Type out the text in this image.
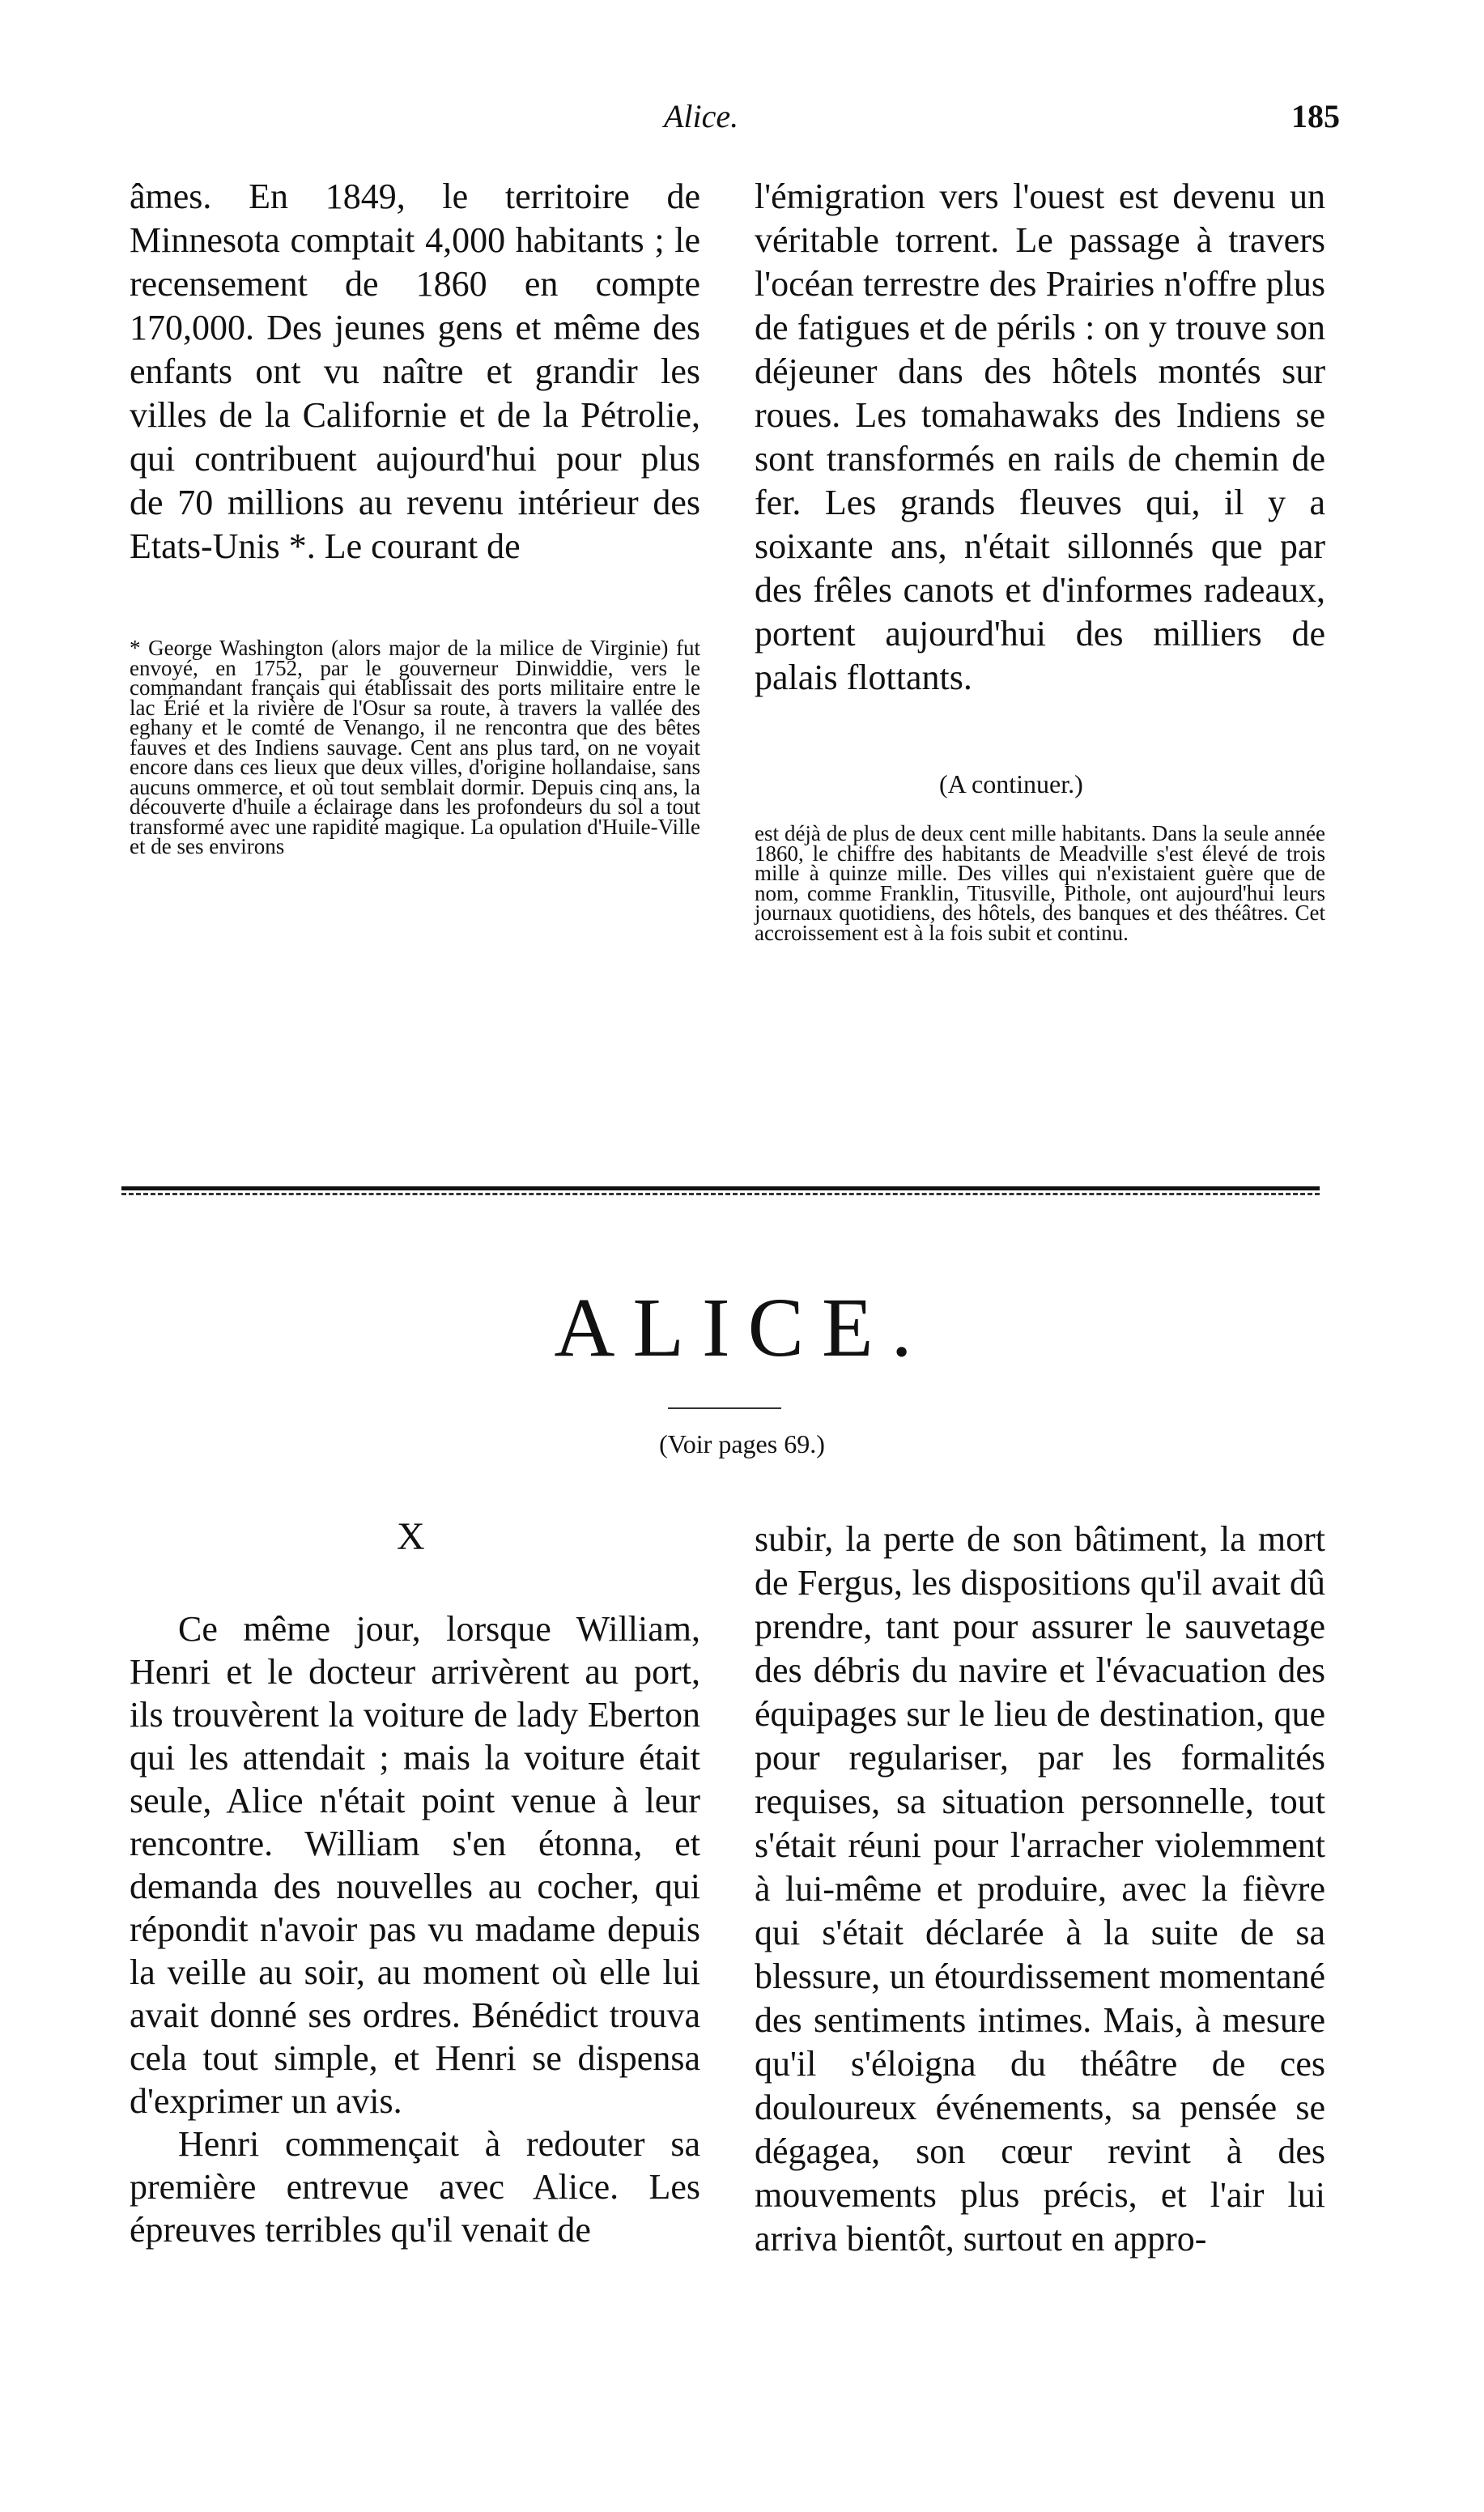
Alice.	185

âmes. En 1849, le territoire de Minnesota comptait 4,000 habitants ; le recensement de 1860 en compte 170,000. Des jeunes gens et même des enfants ont vu naître et grandir les villes de la Californie et de la Pétrolie, qui contribuent aujourd'hui pour plus de 70 millions au revenu intérieur des Etats-Unis *. Le courant de

l'émigration vers l'ouest est devenu un véritable torrent. Le passage à travers l'océan terrestre des Prairies n'offre plus de fatigues et de périls : on y trouve son déjeuner dans des hôtels montés sur roues. Les tomahawaks des Indiens se sont transformés en rails de chemin de fer. Les grands fleuves qui, il y a soixante ans, n'était sillonnés que par des frêles canots et d'informes radeaux, portent aujourd'hui des milliers de palais flottants.

(A continuer.)

* George Washington (alors major de la milice de Virginie) fut envoyé, en 1752, par le gouverneur Dinwiddie, vers le commandant français qui établissait des ports militaire entre le lac Érié et la rivière de l'Osur sa route, à travers la vallée des eghany et le comté de Venango, il ne rencontra que des bêtes fauves et des Indiens sauvage. Cent ans plus tard, on ne voyait encore dans ces lieux que deux villes, d'origine hollandaise, sans aucuns ommerce, et où tout semblait dormir. Depuis cinq ans, la découverte d'huile a éclairage dans les profondeurs du sol a tout transformé avec une rapidité magique. La opulation d'Huile-Ville et de ses environs

est déjà de plus de deux cent mille habitants. Dans la seule année 1860, le chiffre des habitants de Meadville s'est élevé de trois mille à quinze mille. Des villes qui n'existaient guère que de nom, comme Franklin, Titusville, Pithole, ont aujourd'hui leurs journaux quotidiens, des hôtels, des banques et des théâtres. Cet accroissement est à la fois subit et continu.

ALICE.
(Voir pages 69.)
X

Ce même jour, lorsque William, Henri et le docteur arrivèrent au port, ils trouvèrent la voiture de lady Eberton qui les attendait ; mais la voiture était seule, Alice n'était point venue à leur rencontre. William s'en étonna, et demanda des nouvelles au cocher, qui répondit n'avoir pas vu madame depuis la veille au soir, au moment où elle lui avait donné ses ordres. Bénédict trouva cela tout simple, et Henri se dispensa d'exprimer un avis.

Henri commençait à redouter sa première entrevue avec Alice. Les épreuves terribles qu'il venait de

subir, la perte de son bâtiment, la mort de Fergus, les dispositions qu'il avait dû prendre, tant pour assurer le sauvetage des débris du navire et l'évacuation des équipages sur le lieu de destination, que pour regulariser, par les formalités requises, sa situation personnelle, tout s'était réuni pour l'arracher violemment à lui-même et produire, avec la fièvre qui s'était déclarée à la suite de sa blessure, un étourdissement momentané des sentiments intimes. Mais, à mesure qu'il s'éloigna du théâtre de ces douloureux événements, sa pensée se dégagea, son cœur revint à des mouvements plus précis, et l'air lui arriva bientôt, surtout en appro-
